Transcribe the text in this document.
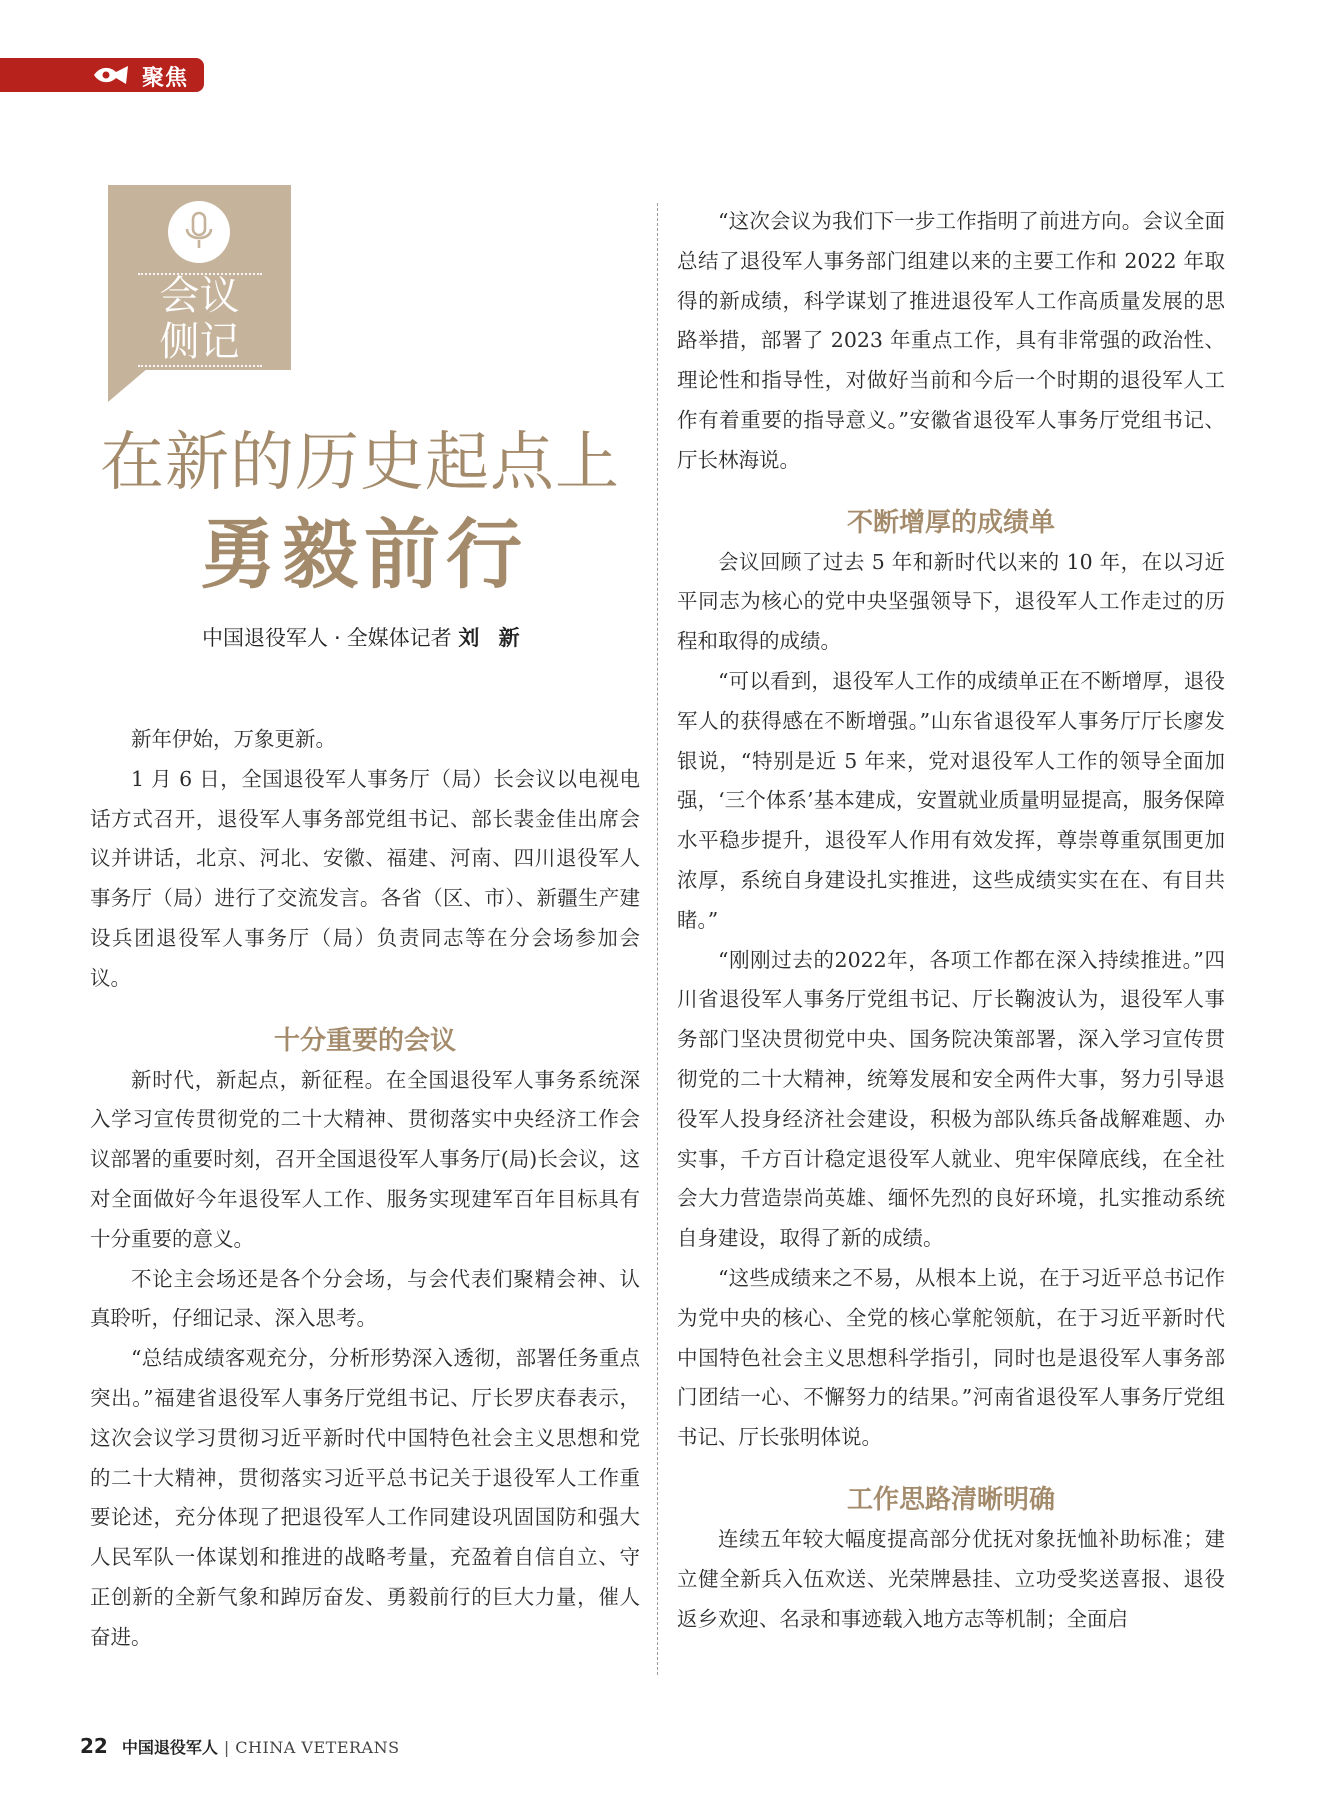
聚焦
会议
侧记
在新的历史起点上
勇毅前行
中国退役军人 · 全媒体记者 刘 新

新年伊始，万象更新。

1 月 6 日，全国退役军人事务厅（局）长会议以电视电话方式召开，退役军人事务部党组书记、部长裴金佳出席会议并讲话，北京、河北、安徽、福建、河南、四川退役军人事务厅（局）进行了交流发言。各省（区、市）、新疆生产建设兵团退役军人事务厅（局）负责同志等在分会场参加会议。

十分重要的会议

新时代，新起点，新征程。在全国退役军人事务系统深入学习宣传贯彻党的二十大精神、贯彻落实中央经济工作会议部署的重要时刻，召开全国退役军人事务厅(局)长会议，这对全面做好今年退役军人工作、服务实现建军百年目标具有十分重要的意义。

不论主会场还是各个分会场，与会代表们聚精会神、认真聆听，仔细记录、深入思考。

“总结成绩客观充分，分析形势深入透彻，部署任务重点突出。”福建省退役军人事务厅党组书记、厅长罗庆春表示，这次会议学习贯彻习近平新时代中国特色社会主义思想和党的二十大精神，贯彻落实习近平总书记关于退役军人工作重要论述，充分体现了把退役军人工作同建设巩固国防和强大人民军队一体谋划和推进的战略考量，充盈着自信自立、守正创新的全新气象和踔厉奋发、勇毅前行的巨大力量，催人奋进。

“这次会议为我们下一步工作指明了前进方向。会议全面总结了退役军人事务部门组建以来的主要工作和 2022 年取得的新成绩，科学谋划了推进退役军人工作高质量发展的思路举措，部署了 2023 年重点工作，具有非常强的政治性、理论性和指导性，对做好当前和今后一个时期的退役军人工作有着重要的指导意义。”安徽省退役军人事务厅党组书记、厅长林海说。

不断增厚的成绩单

会议回顾了过去 5 年和新时代以来的 10 年，在以习近平同志为核心的党中央坚强领导下，退役军人工作走过的历程和取得的成绩。

“可以看到，退役军人工作的成绩单正在不断增厚，退役军人的获得感在不断增强。”山东省退役军人事务厅厅长廖发银说，“特别是近 5 年来，党对退役军人工作的领导全面加强，‘三个体系’基本建成，安置就业质量明显提高，服务保障水平稳步提升，退役军人作用有效发挥，尊崇尊重氛围更加浓厚，系统自身建设扎实推进，这些成绩实实在在、有目共睹。”

“刚刚过去的2022年，各项工作都在深入持续推进。”四川省退役军人事务厅党组书记、厅长鞠波认为，退役军人事务部门坚决贯彻党中央、国务院决策部署，深入学习宣传贯彻党的二十大精神，统筹发展和安全两件大事，努力引导退役军人投身经济社会建设，积极为部队练兵备战解难题、办实事，千方百计稳定退役军人就业、兜牢保障底线，在全社会大力营造崇尚英雄、缅怀先烈的良好环境，扎实推动系统自身建设，取得了新的成绩。

“这些成绩来之不易，从根本上说，在于习近平总书记作为党中央的核心、全党的核心掌舵领航，在于习近平新时代中国特色社会主义思想科学指引，同时也是退役军人事务部门团结一心、不懈努力的结果。”河南省退役军人事务厅党组书记、厅长张明体说。

工作思路清晰明确

连续五年较大幅度提高部分优抚对象抚恤补助标准；建立健全新兵入伍欢送、光荣牌悬挂、立功受奖送喜报、退役返乡欢迎、名录和事迹载入地方志等机制；全面启

22 中国退役军人 | CHINA VETERANS
